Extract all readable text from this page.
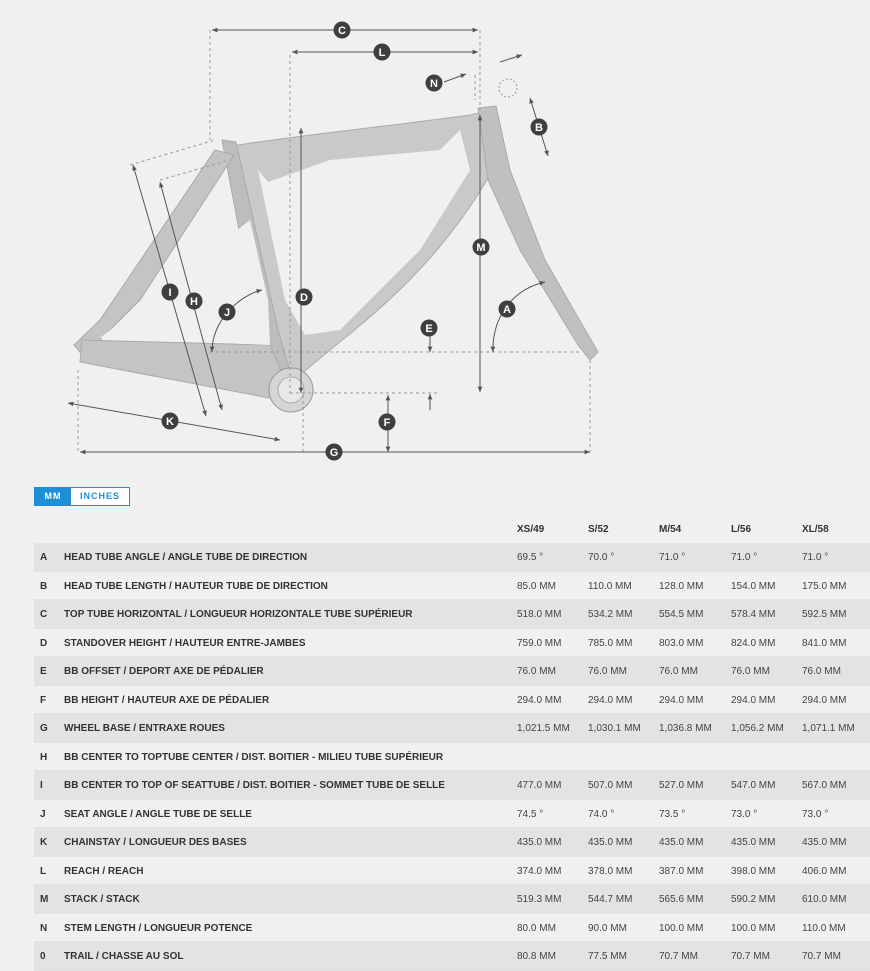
C
L
N
B
M
D
I
H
J
E
A
F
K
G
MM	INCHES
XS/49	S/52	M/54	L/56	XL/58
A HEAD TUBE ANGLE / ANGLE TUBE DE DIRECTION	69.5 °	70.0 °	71.0 °	71.0 °	71.0 °
B HEAD TUBE LENGTH / HAUTEUR TUBE DE DIRECTION	85.0 MM	110.0 MM	128.0 MM	154.0 MM	175.0 MM
C TOP TUBE HORIZONTAL / LONGUEUR HORIZONTALE TUBE SUPÉRIEUR	518.0 MM	534.2 MM	554.5 MM	578.4 MM	592.5 MM
D STANDOVER HEIGHT / HAUTEUR ENTRE-JAMBES	759.0 MM	785.0 MM	803.0 MM	824.0 MM	841.0 MM
E BB OFFSET / DEPORT AXE DE PÉDALIER	76.0 MM	76.0 MM	76.0 MM	76.0 MM	76.0 MM
F BB HEIGHT / HAUTEUR AXE DE PÉDALIER	294.0 MM	294.0 MM	294.0 MM	294.0 MM	294.0 MM
G WHEEL BASE / ENTRAXE ROUES	1,021.5 MM 1,030.1 MM 1,036.8 MM 1,056.2 MM 1,071.1 MM
H BB CENTER TO TOPTUBE CENTER / DIST. BOITIER - MILIEU TUBE SUPÉRIEUR
I BB CENTER TO TOP OF SEATTUBE / DIST. BOITIER - SOMMET TUBE DE SELLE	477.0 MM	507.0 MM	527.0 MM	547.0 MM	567.0 MM
J SEAT ANGLE / ANGLE TUBE DE SELLE	74.5 °	74.0 °	73.5 °	73.0 °	73.0 °
K CHAINSTAY / LONGUEUR DES BASES	435.0 MM	435.0 MM	435.0 MM	435.0 MM	435.0 MM
L REACH / REACH	374.0 MM	378.0 MM	387.0 MM	398.0 MM	406.0 MM
M STACK / STACK	519.3 MM	544.7 MM	565.6 MM	590.2 MM	610.0 MM
N STEM LENGTH / LONGUEUR POTENCE	80.0 MM	90.0 MM	100.0 MM	100.0 MM	110.0 MM
0 TRAIL / CHASSE AU SOL	80.8 MM	77.5 MM	70.7 MM	70.7 MM	70.7 MM
